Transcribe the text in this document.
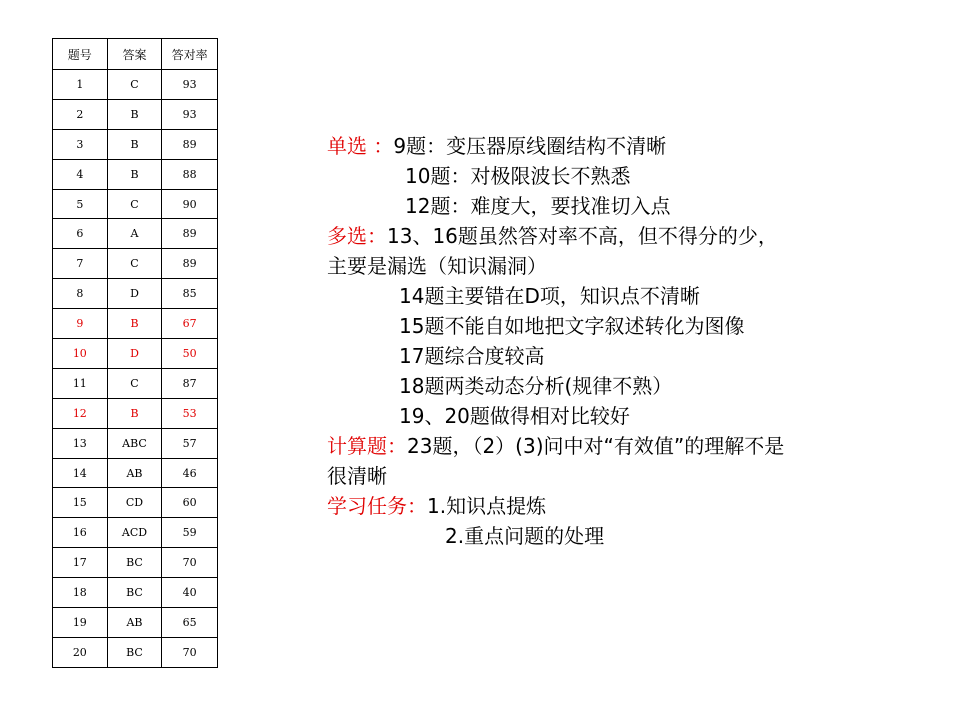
题号	答案	答对率
1	C	93
2	B	93
3	B	89
4	B	88
5	C	90
6	A	89
7	C	89
8	D	85
9	B	67
10	D	50
11	C	87
12	B	53
13	ABC	57
14	AB	46
15	CD	60
16	ACD	59
17	BC	70
18	BC	40
19	AB	65
20	BC	70
单选 ：9题：变压器原线圈结构不清晰
10题：对极限波长不熟悉
12题：难度大，要找准切入点
多选：13、16题虽然答对率不高，但不得分的少，
主要是漏选（知识漏洞）
14题主要错在D项，知识点不清晰
15题不能自如地把文字叙述转化为图像
17题综合度较高
18题两类动态分析(规律不熟）
19、20题做得相对比较好
计算题：23题，（2）(3)问中对“有效值”的理解不是
很清晰
学习任务：1.知识点提炼
2.重点问题的处理
